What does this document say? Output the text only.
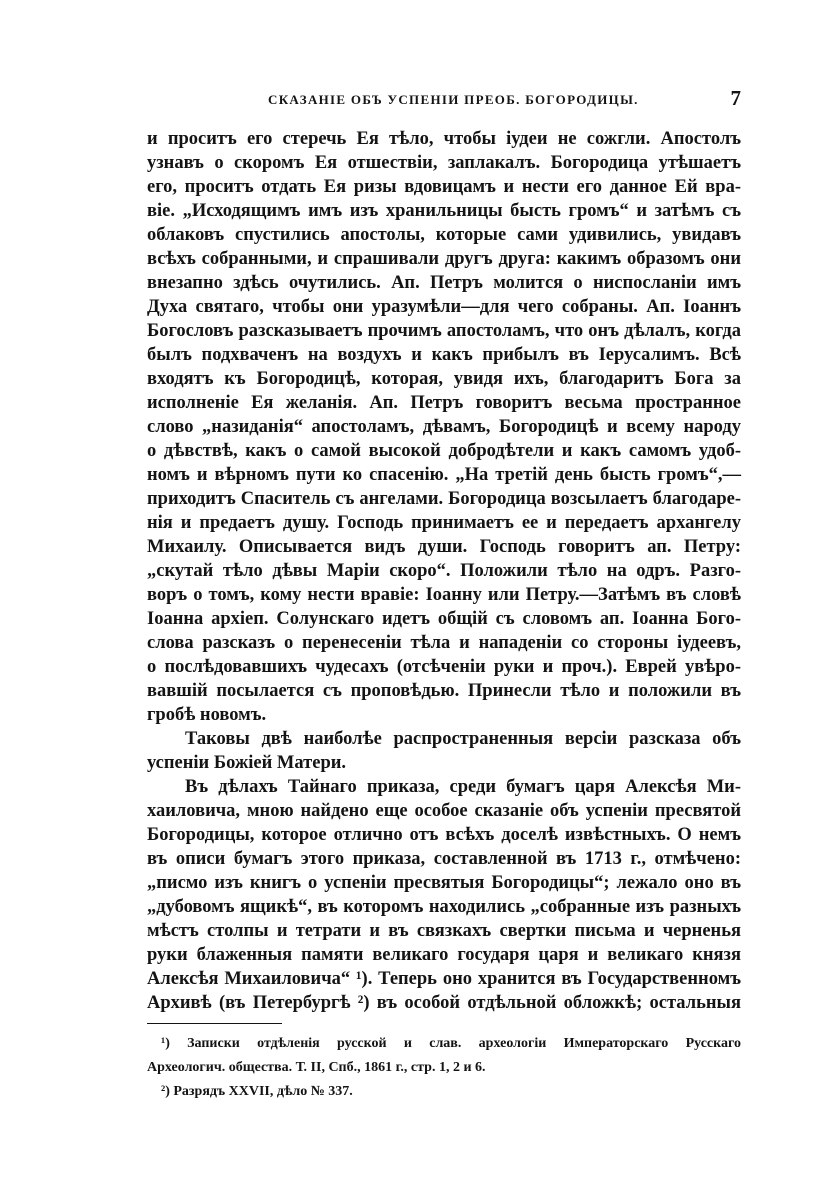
СКАЗАНІЕ ОБЪ УСПЕНІИ ПРЕОБ. БОГОРОДИЦЫ.	7
и проситъ его стеречь Ея тѣло, чтобы іудеи не сожгли. Апостолъ
узнавъ о скоромъ Ея отшествіи, заплакалъ. Богородица утѣшаетъ
его, проситъ отдать Ея ризы вдовицамъ и нести его данное Ей вра-
віе. „Исходящимъ имъ изъ хранильницы бысть громъ“ и затѣмъ съ
облаковъ спустились апостолы, которые сами удивились, увидавъ
всѣхъ собранными, и спрашивали другъ друга: какимъ образомъ они
внезапно здѣсь очутились. Ап. Петръ молится о ниспосланіи имъ
Духа святаго, чтобы они уразумѣли—для чего собраны. Ап. Іоаннъ
Богословъ разсказываетъ прочимъ апостоламъ, что онъ дѣлалъ, когда
былъ подхваченъ на воздухъ и какъ прибылъ въ Іерусалимъ. Всѣ
входятъ къ Богородицѣ, которая, увидя ихъ, благодаритъ Бога за
исполненіе Ея желанія. Ап. Петръ говоритъ весьма пространное
слово „назиданія“ апостоламъ, дѣвамъ, Богородицѣ и всему народу
о дѣвствѣ, какъ о самой высокой добродѣтели и какъ самомъ удоб-
номъ и вѣрномъ пути ко спасенію. „На третій день бысть громъ“,—
приходитъ Спаситель съ ангелами. Богородица возсылаетъ благодаре-
нія и предаетъ душу. Господь принимаетъ ее и передаетъ архангелу
Михаилу. Описывается видъ души. Господь говоритъ ап. Петру:
„скутай тѣло дѣвы Маріи скоро“. Положили тѣло на одръ. Разго-
воръ о томъ, кому нести вравіе: Іоанну или Петру.—Затѣмъ въ словѣ
Іоанна архіеп. Солунскаго идетъ общій съ словомъ ап. Іоанна Бого-
слова разсказъ о перенесеніи тѣла и нападеніи со стороны іудеевъ,
о послѣдовавшихъ чудесахъ (отсѣченіи руки и проч.). Еврей увѣро-
вавшій посылается съ проповѣдью. Принесли тѣло и положили въ
гробѣ новомъ.
Таковы двѣ наиболѣе распространенныя версіи разсказа объ
успеніи Божіей Матери.
Въ дѣлахъ Тайнаго приказа, среди бумагъ царя Алексѣя Ми-
хаиловича, мною найдено еще особое сказаніе объ успеніи пресвятой
Богородицы, которое отлично отъ всѣхъ доселѣ извѣстныхъ. О немъ
въ описи бумагъ этого приказа, составленной въ 1713 г., отмѣчено:
„писмо изъ книгъ о успеніи пресвятыя Богородицы“; лежало оно въ
„дубовомъ ящикѣ“, въ которомъ находились „собранные изъ разныхъ
мѣстъ столпы и тетрати и въ связкахъ свертки письма и черненья
руки блаженныя памяти великаго государя царя и великаго князя
Алексѣя Михаиловича“ ¹). Теперь оно хранится въ Государственномъ
Архивѣ (въ Петербургѣ ²) въ особой отдѣльной обложкѣ; остальныя
¹) Записки отдѣленія русской и слав. археологіи Императорскаго Русскаго
Археологич. общества. Т. II, Спб., 1861 г., стр. 1, 2 и 6.
²) Разрядъ XXVII, дѣло № 337.
